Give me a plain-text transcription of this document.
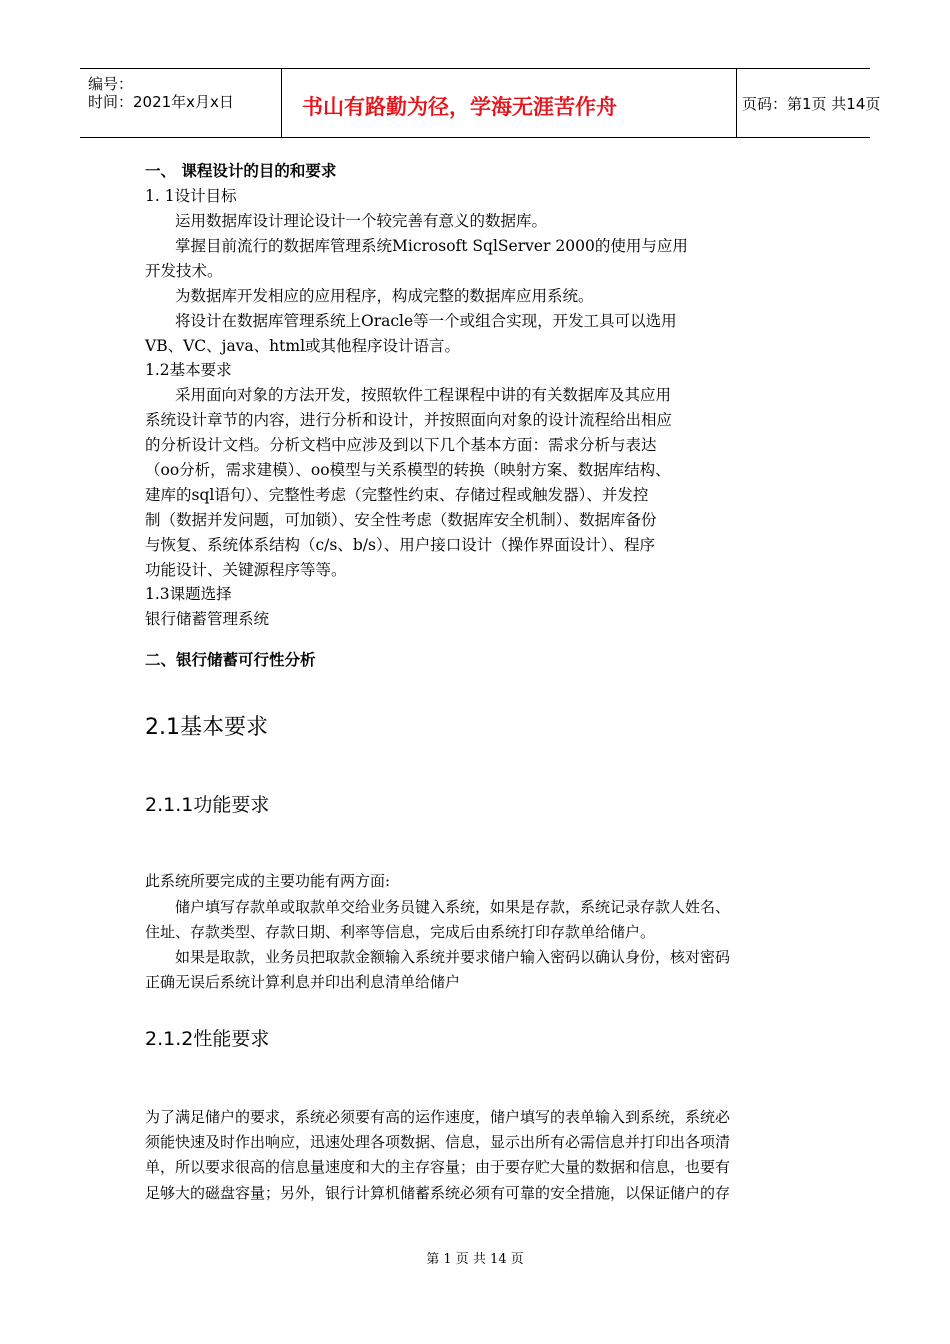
编号：
时间：2021年x月x日	书山有路勤为径，学海无涯苦作舟	页码：第1页 共14页
一、 课程设计的目的和要求
1. 1设计目标
运用数据库设计理论设计一个较完善有意义的数据库。
掌握目前流行的数据库管理系统Microsoft SqlServer 2000的使用与应用
开发技术。
为数据库开发相应的应用程序，构成完整的数据库应用系统。
将设计在数据库管理系统上Oracle等一个或组合实现，开发工具可以选用
VB、VC、java、html或其他程序设计语言。
1.2基本要求
采用面向对象的方法开发，按照软件工程课程中讲的有关数据库及其应用
系统设计章节的内容，进行分析和设计，并按照面向对象的设计流程给出相应
的分析设计文档。分析文档中应涉及到以下几个基本方面：需求分析与表达
（oo分析，需求建模）、oo模型与关系模型的转换（映射方案、数据库结构、
建库的sql语句）、完整性考虑（完整性约束、存储过程或触发器）、并发控
制（数据并发问题，可加锁）、安全性考虑（数据库安全机制）、数据库备份
与恢复、系统体系结构（c/s、b/s）、用户接口设计（操作界面设计）、程序
功能设计、关键源程序等等。
1.3课题选择
银行储蓄管理系统
二、银行储蓄可行性分析
2.1基本要求
2.1.1功能要求
此系统所要完成的主要功能有两方面:
储户填写存款单或取款单交给业务员键入系统，如果是存款，系统记录存款人姓名、
住址、存款类型、存款日期、利率等信息，完成后由系统打印存款单给储户。
如果是取款，业务员把取款金额输入系统并要求储户输入密码以确认身份，核对密码
正确无误后系统计算利息并印出利息清单给储户
2.1.2性能要求
为了满足储户的要求，系统必须要有高的运作速度，储户填写的表单输入到系统，系统必
须能快速及时作出响应，迅速处理各项数据、信息，显示出所有必需信息并打印出各项清
单，所以要求很高的信息量速度和大的主存容量；由于要存贮大量的数据和信息，也要有
足够大的磁盘容量；另外，银行计算机储蓄系统必须有可靠的安全措施，以保证储户的存
第 1 页 共 14 页
